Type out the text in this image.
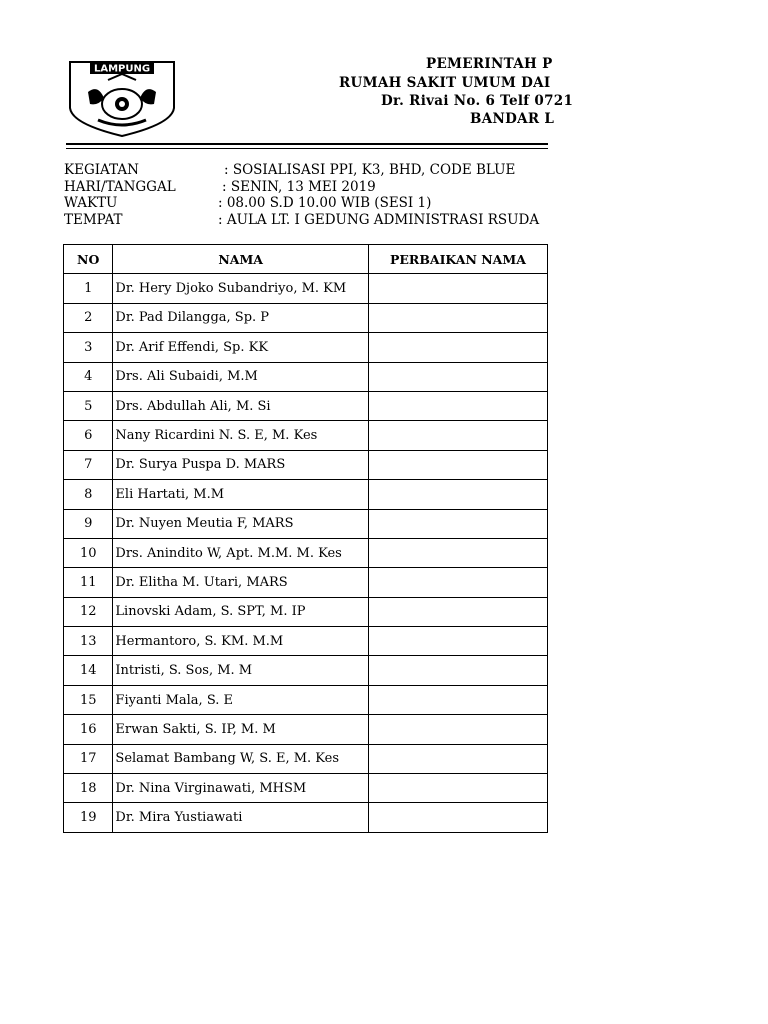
LAMPUNG	PEMERINTAH P
RUMAH SAKIT UMUM DAI
Dr. Rivai No. 6 Telf 0721
BANDAR L
KEGIATAN	: SOSIALISASI PPI, K3, BHD, CODE BLUE
HARI/TANGGAL	: SENIN, 13 MEI 2019
WAKTU	: 08.00 S.D 10.00 WIB (SESI 1)
TEMPAT	: AULA LT. I GEDUNG ADMINISTRASI RSUDA
NO	NAMA	PERBAIKAN NAMA
1	Dr. Hery Djoko Subandriyo, M. KM	
2	Dr. Pad Dilangga, Sp. P	
3	Dr. Arif Effendi, Sp. KK	
4	Drs. Ali Subaidi, M.M	
5	Drs. Abdullah Ali, M. Si	
6	Nany Ricardini N. S. E, M. Kes	
7	Dr. Surya Puspa D. MARS	
8	Eli Hartati, M.M	
9	Dr. Nuyen Meutia F, MARS	
10	Drs. Anindito W, Apt. M.M. M. Kes	
11	Dr. Elitha M. Utari, MARS	
12	Linovski Adam, S. SPT, M. IP	
13	Hermantoro, S. KM. M.M	
14	Intristi, S. Sos, M. M	
15	Fiyanti Mala, S. E	
16	Erwan Sakti, S. IP, M. M	
17	Selamat Bambang W, S. E, M. Kes	
18	Dr. Nina Virginawati, MHSM	
19	Dr. Mira Yustiawati	
